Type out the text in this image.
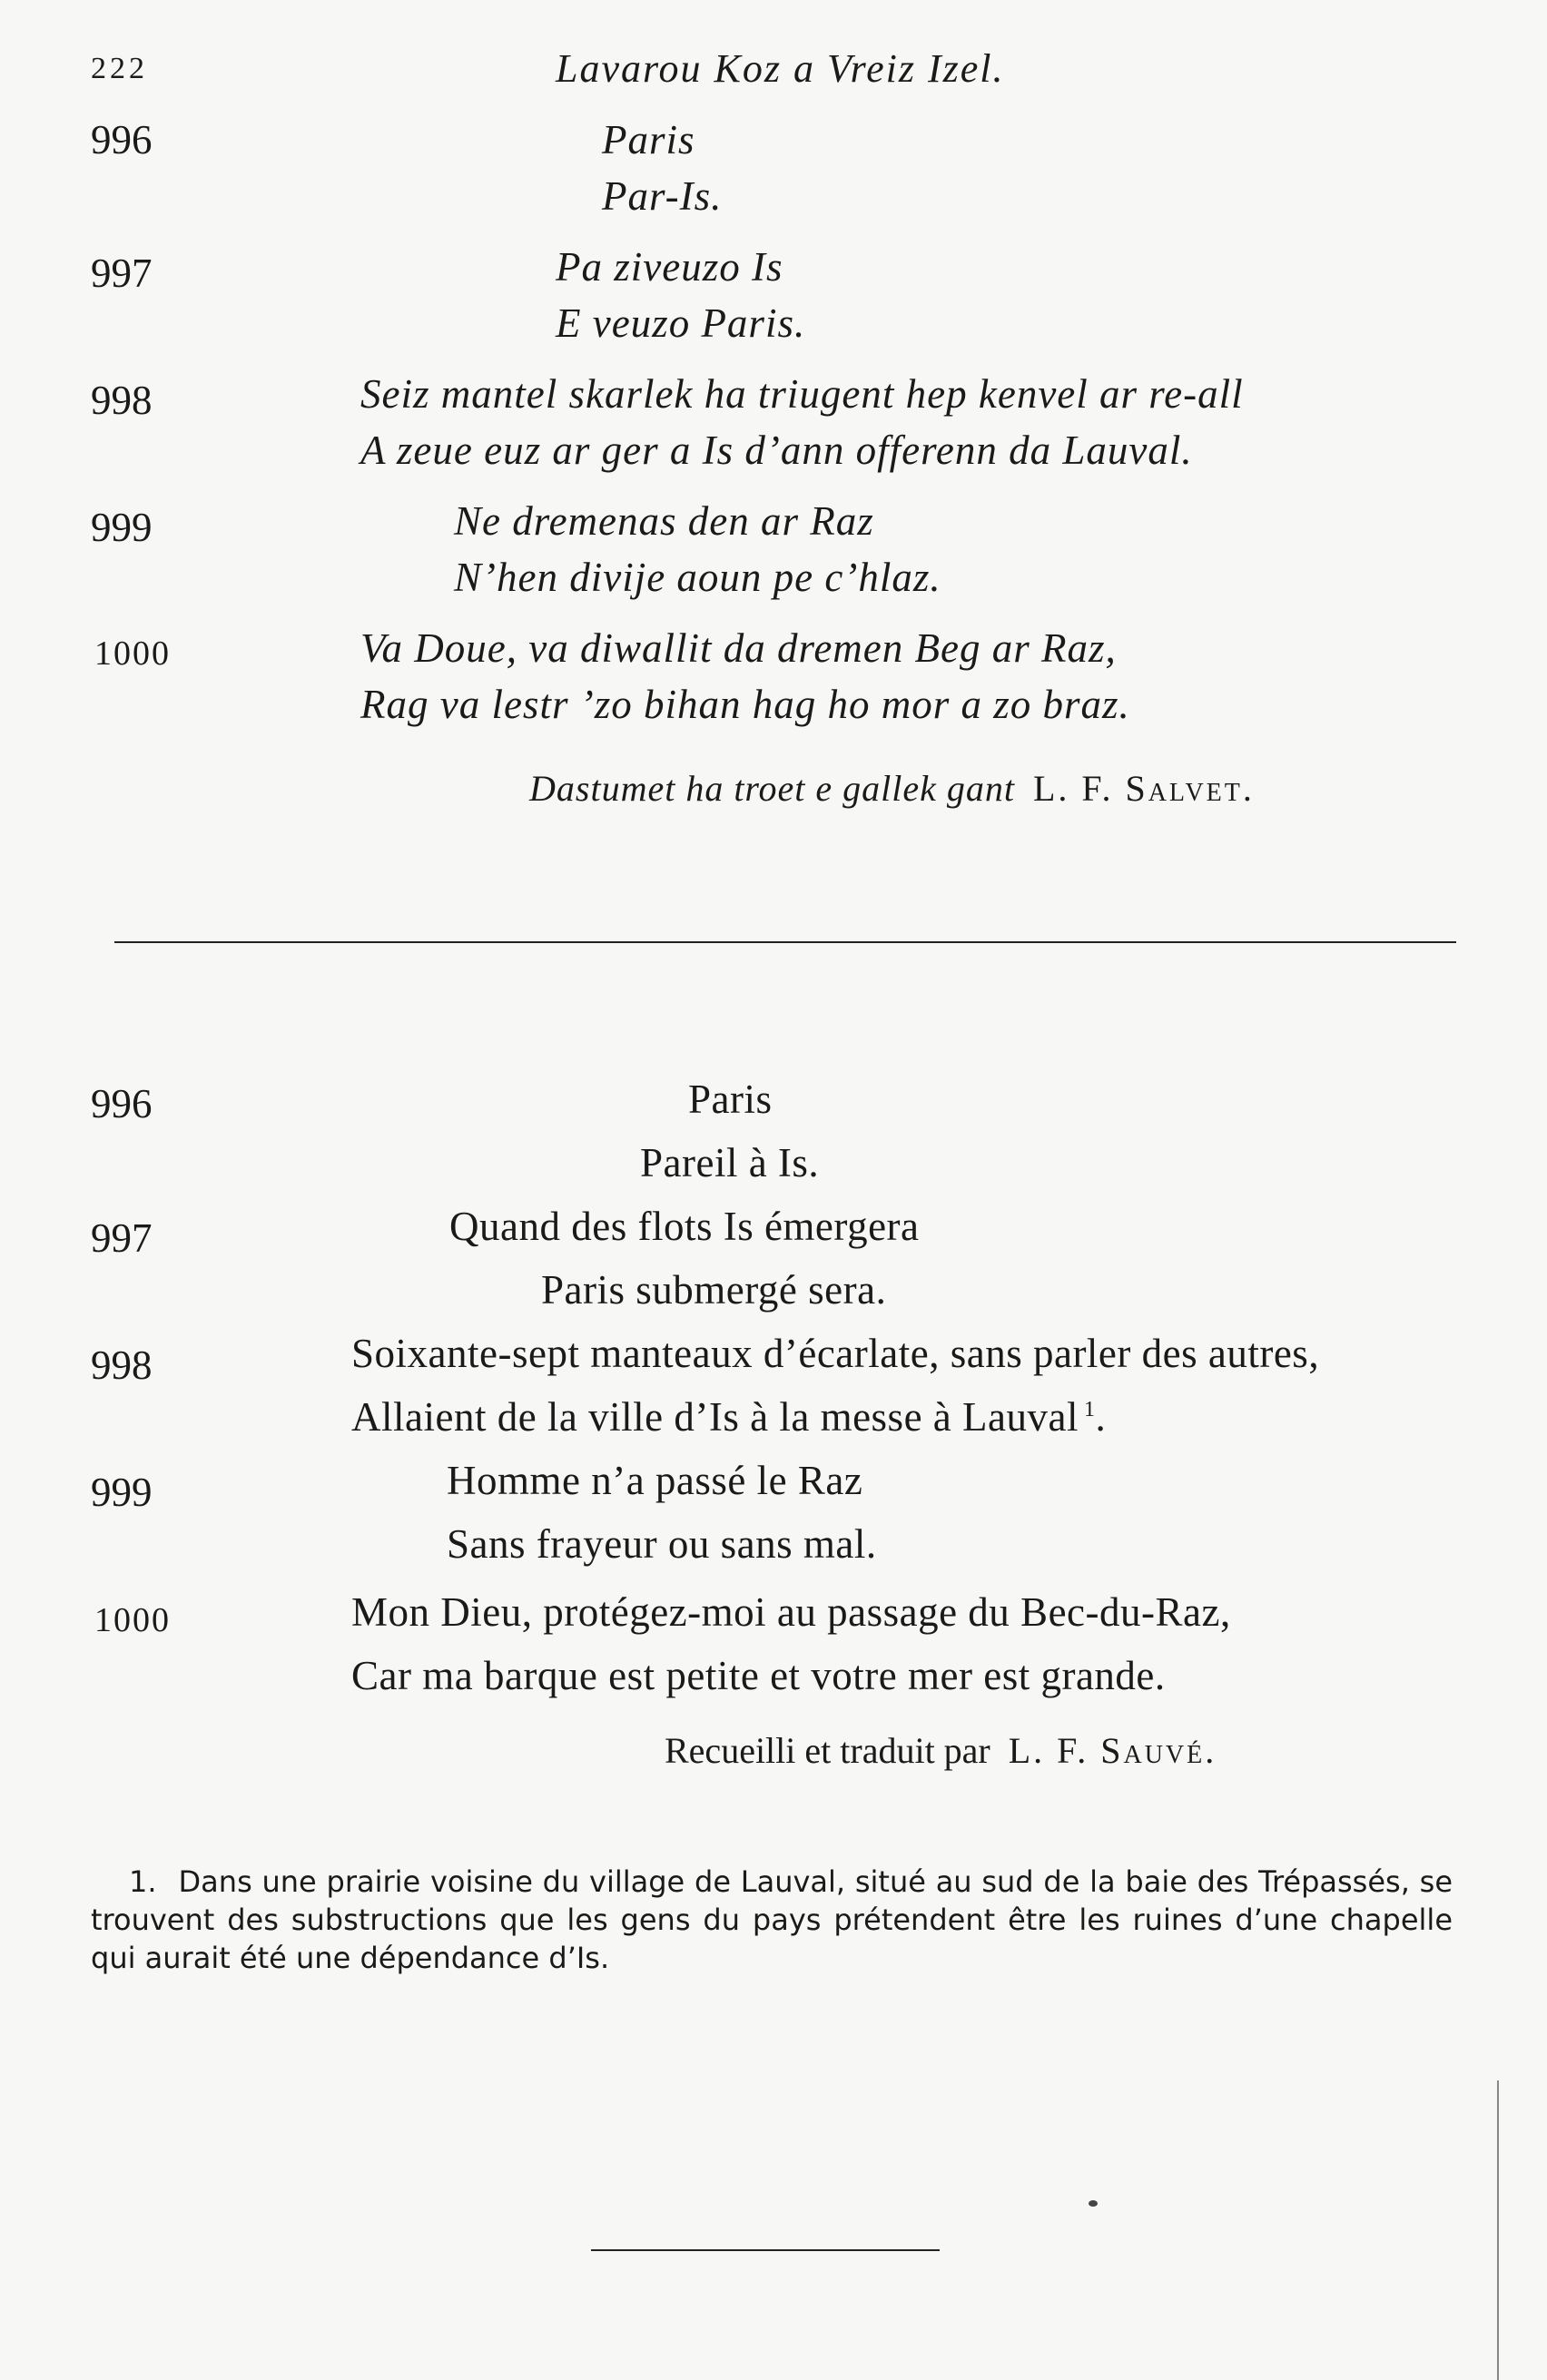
222	Lavarou Koz a Vreiz Izel.
996	Paris
Par-Is.
997	Pa ziveuzo Is
E veuzo Paris.
998	Seiz mantel skarlek ha triugent hep kenvel ar re-all
A zeue euz ar ger a Is d’ann offerenn da Lauval.
999	Ne dremenas den ar Raz
N’hen divije aoun pe c’hlaz.
1000	Va Doue, va diwallit da dremen Beg ar Raz,
Rag va lestr ’zo bihan hag ho mor a zo braz.
Dastumet ha troet e gallek gant L. F. Salvet.
996	Paris
Pareil à Is.
997	Quand des flots Is émergera
Paris submergé sera.
998	Soixante-sept manteaux d’écarlate, sans parler des autres,
Allaient de la ville d’Is à la messe à Lauval $^1$.
999	Homme n’a passé le Raz
Sans frayeur ou sans mal.
1000	Mon Dieu, protégez-moi au passage du Bec-du-Raz,
Car ma barque est petite et votre mer est grande.
Recueilli et traduit par L. F. Sauvé.
1. Dans une prairie voisine du village de Lauval, situé au sud de la baie des Trépassés, se trouvent des substructions que les gens du pays prétendent être les ruines d’une chapelle qui aurait été une dépendance d’Is.
